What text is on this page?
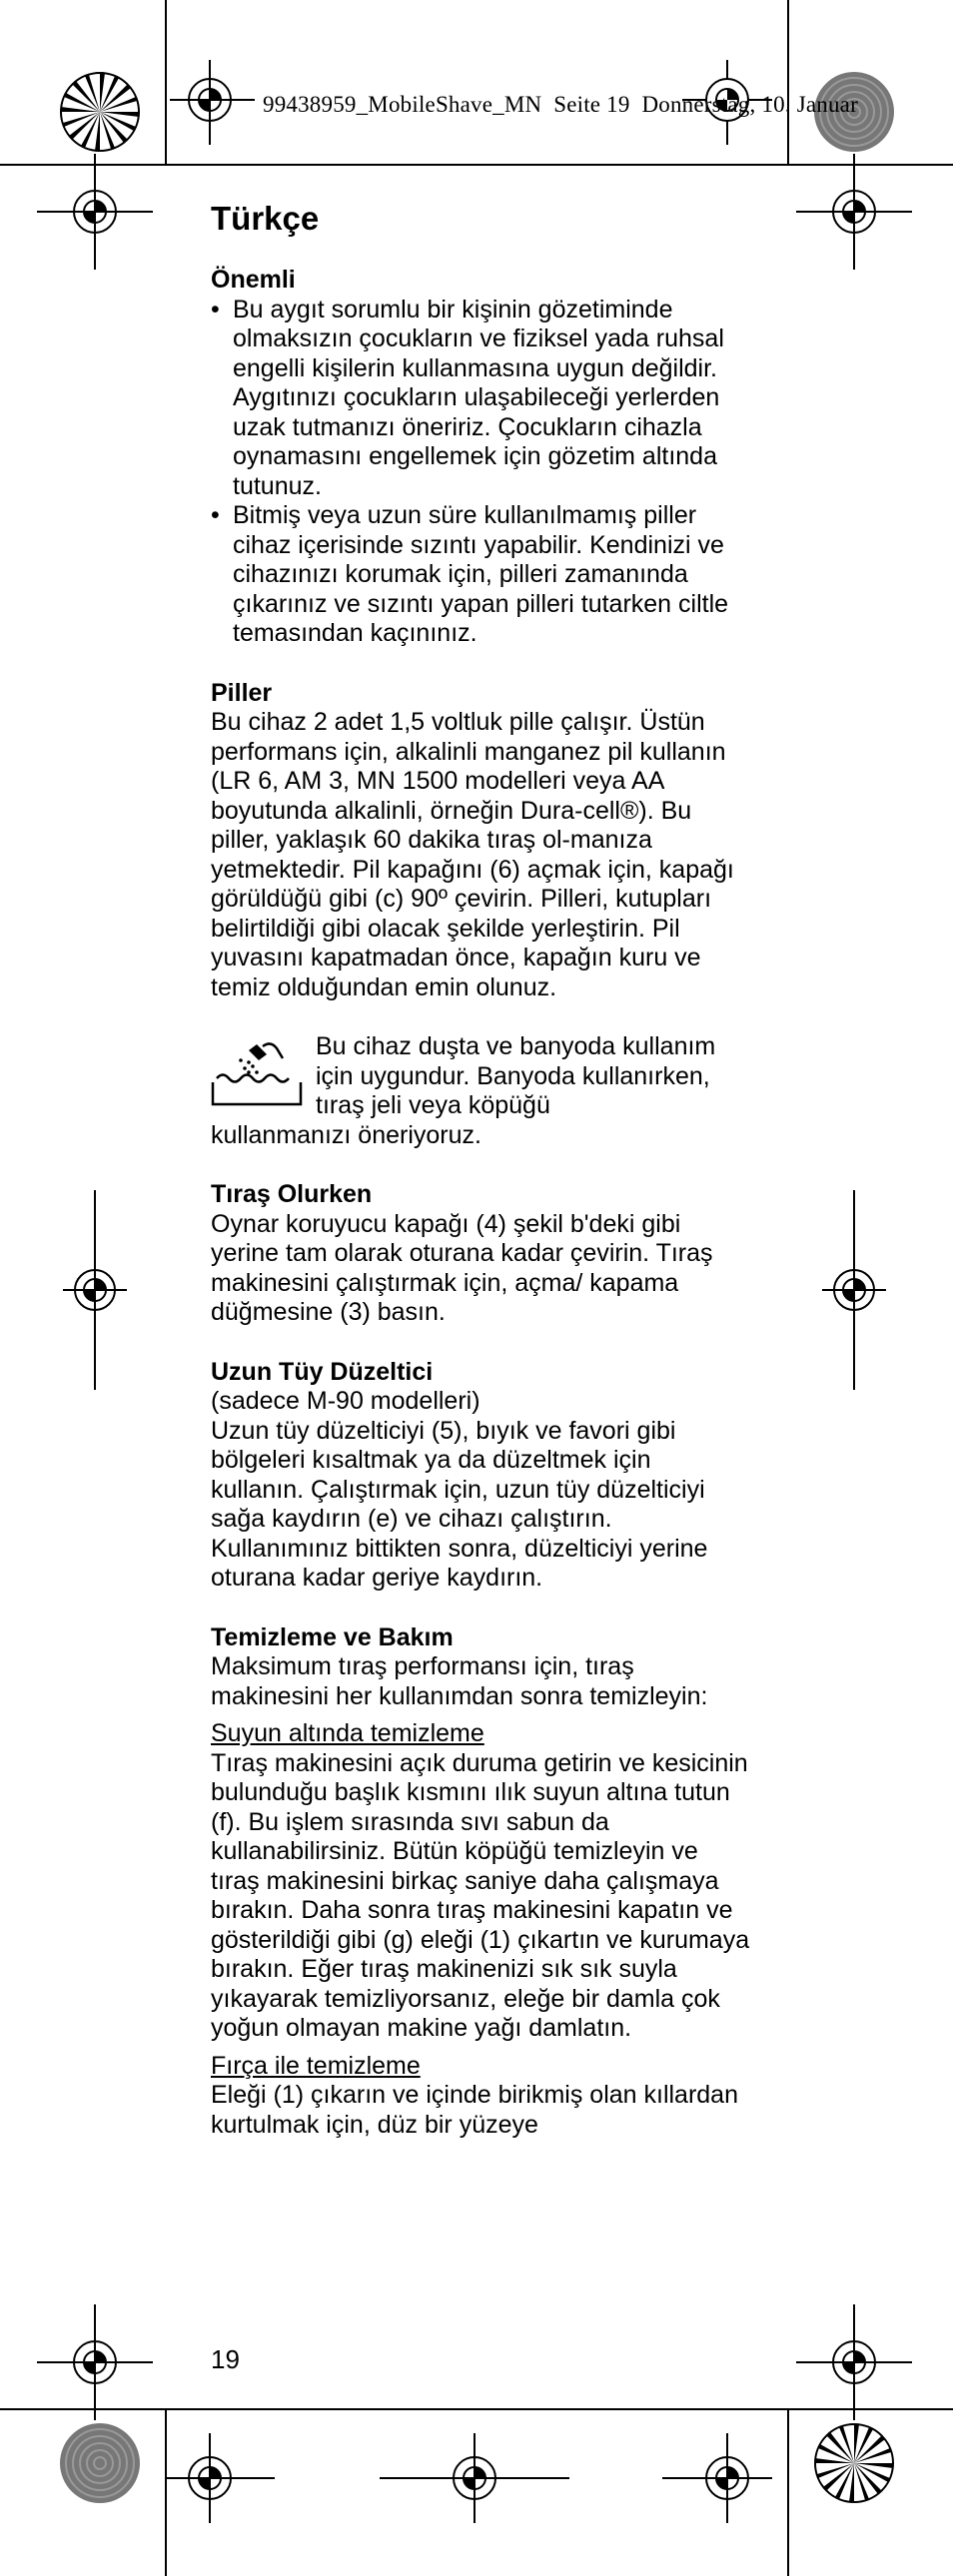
99438959_MobileShave_MN Seite 19 Donnerstag, 10. Januar
Türkçe
Önemli
• Bu aygıt sorumlu bir kişinin gözetiminde olmaksızın çocukların ve fiziksel yada ruhsal engelli kişilerin kullanmasına uygun değildir. Aygıtınızı çocukların ulaşabileceği yerlerden uzak tutmanızı öneririz. Çocukların cihazla oynamasını engellemek için gözetim altında tutunuz.
• Bitmiş veya uzun süre kullanılmamış piller cihaz içerisinde sızıntı yapabilir. Kendinizi ve cihazınızı korumak için, pilleri zamanında çıkarınız ve sızıntı yapan pilleri tutarken ciltle temasından kaçınınız.
Piller

Bu cihaz 2 adet 1,5 voltluk pille çalışır. Üstün performans için, alkalinli manganez pil kullanın (LR 6, AM 3, MN 1500 modelleri veya AA boyutunda alkalinli, örneğin Dura-cell®). Bu piller, yaklaşık 60 dakika tıraş ol-manıza yetmektedir. Pil kapağını (6) açmak için, kapağı görüldüğü gibi (c) 90º çevirin. Pilleri, kutupları belirtildiği gibi olacak şekilde yerleştirin. Pil yuvasını kapatmadan önce, kapağın kuru ve temiz olduğundan emin olunuz.

Bu cihaz duşta ve banyoda kullanım için uygundur. Banyoda kullanırken, tıraş jeli veya köpüğü

kullanmanızı öneriyoruz.

Tıraş Olurken

Oynar koruyucu kapağı (4) şekil b'deki gibi yerine tam olarak oturana kadar çevirin. Tıraş makinesini çalıştırmak için, açma/ kapama düğmesine (3) basın.

Uzun Tüy Düzeltici

(sadece M-90 modelleri)

Uzun tüy düzelticiyi (5), bıyık ve favori gibi bölgeleri kısaltmak ya da düzeltmek için kullanın. Çalıştırmak için, uzun tüy düzelticiyi sağa kaydırın (e) ve cihazı çalıştırın. Kullanımınız bittikten sonra, düzelticiyi yerine oturana kadar geriye kaydırın.

Temizleme ve Bakım

Maksimum tıraş performansı için, tıraş makinesini her kullanımdan sonra temizleyin:

Suyun altında temizleme

Tıraş makinesini açık duruma getirin ve kesicinin bulunduğu başlık kısmını ılık suyun altına tutun (f). Bu işlem sırasında sıvı sabun da kullanabilirsiniz. Bütün köpüğü temizleyin ve tıraş makinesini birkaç saniye daha çalışmaya bırakın. Daha sonra tıraş makinesini kapatın ve gösterildiği gibi (g) eleği (1) çıkartın ve kurumaya bırakın. Eğer tıraş makinenizi sık sık suyla yıkayarak temizliyorsanız, eleğe bir damla çok yoğun olmayan makine yağı damlatın.

Fırça ile temizleme

Eleği (1) çıkarın ve içinde birikmiş olan kıllardan kurtulmak için, düz bir yüzeye

19
